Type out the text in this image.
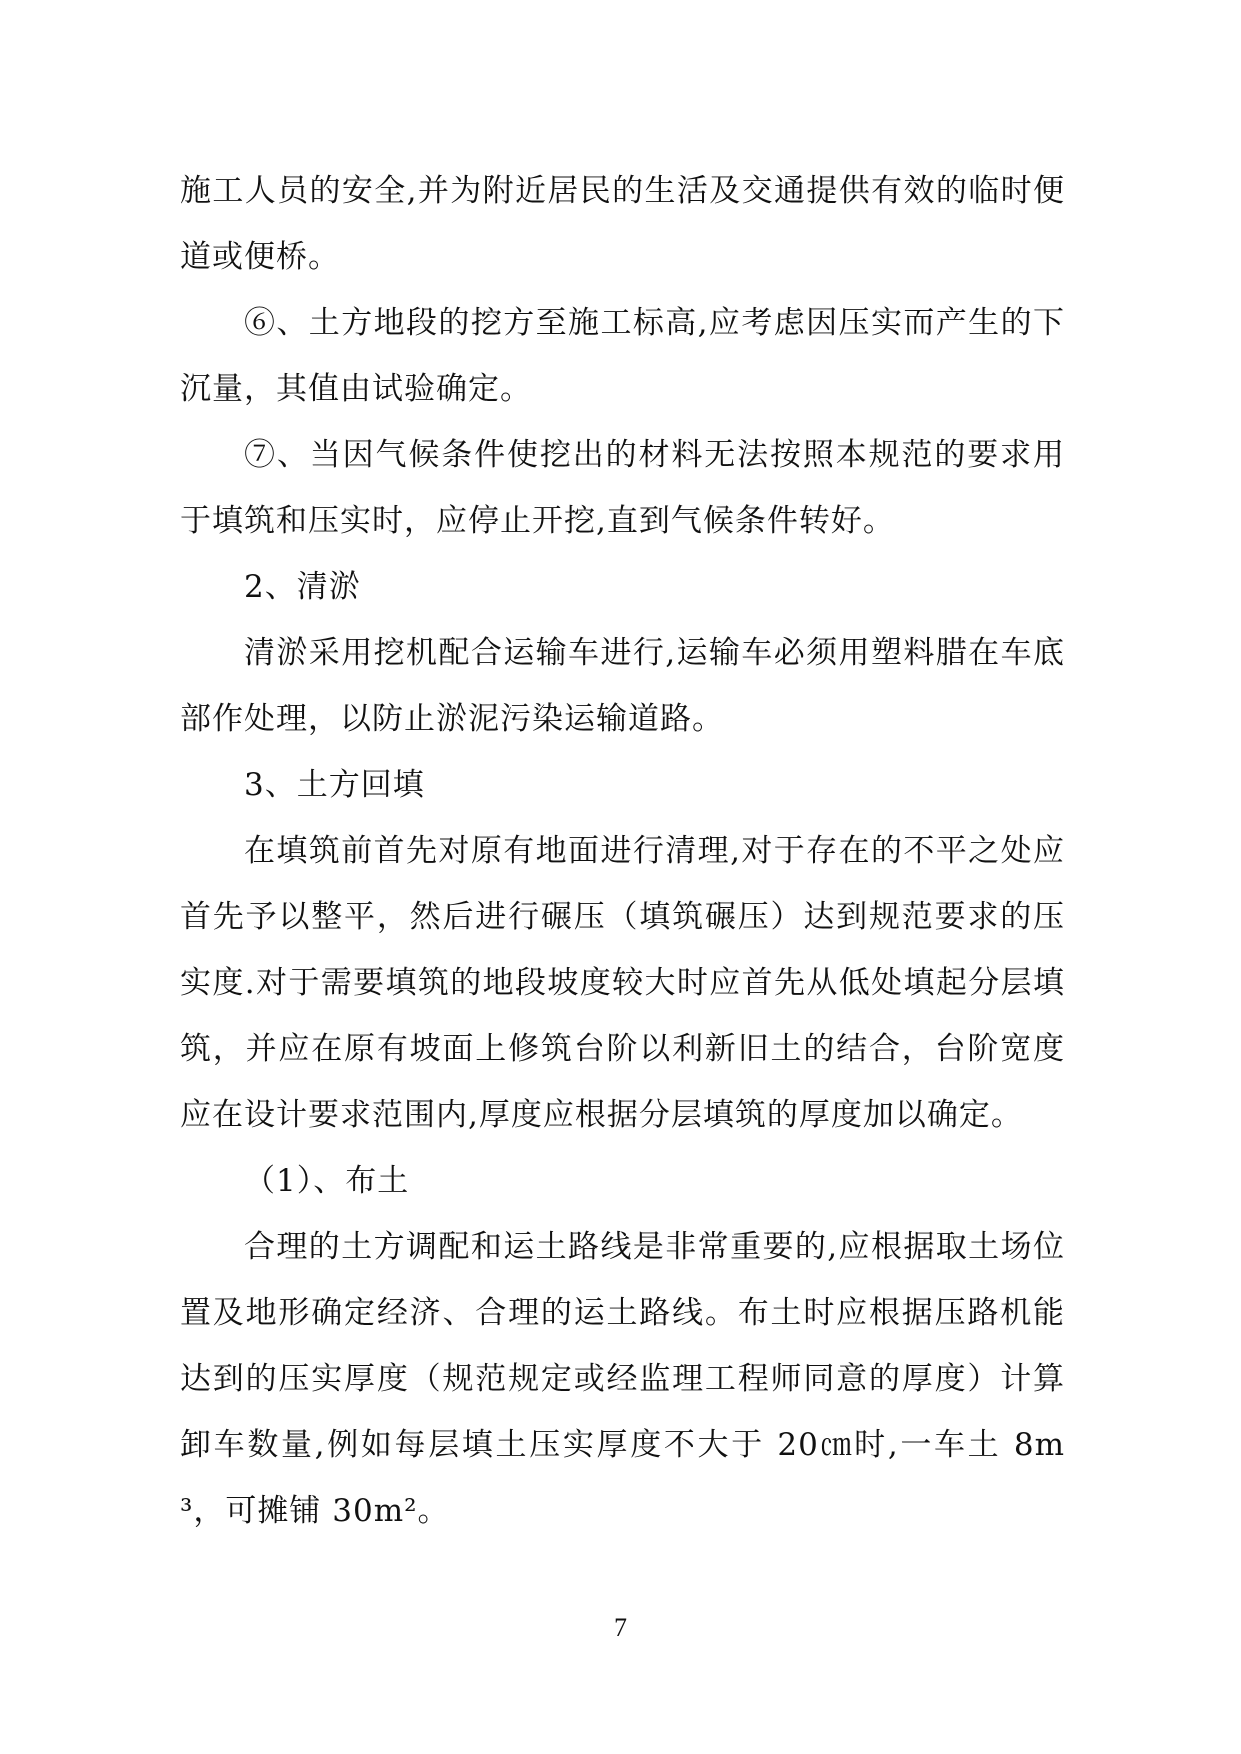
施工人员的安全,并为附近居民的生活及交通提供有效的临时便道或便桥。

⑥、土方地段的挖方至施工标高,应考虑因压实而产生的下沉量，其值由试验确定。

⑦、当因气候条件使挖出的材料无法按照本规范的要求用于填筑和压实时，应停止开挖,直到气候条件转好。

2、清淤

清淤采用挖机配合运输车进行,运输车必须用塑料腊在车底部作处理，以防止淤泥污染运输道路。

3、土方回填

在填筑前首先对原有地面进行清理,对于存在的不平之处应首先予以整平，然后进行碾压（填筑碾压）达到规范要求的压实度.对于需要填筑的地段坡度较大时应首先从低处填起分层填筑，并应在原有坡面上修筑台阶以利新旧土的结合，台阶宽度应在设计要求范围内,厚度应根据分层填筑的厚度加以确定。

（1）、布土

合理的土方调配和运土路线是非常重要的,应根据取土场位置及地形确定经济、合理的运土路线。布土时应根据压路机能达到的压实厚度（规范规定或经监理工程师同意的厚度）计算卸车数量,例如每层填土压实厚度不大于 20㎝时,一车土 8m³，可摊铺 30m²。

7
